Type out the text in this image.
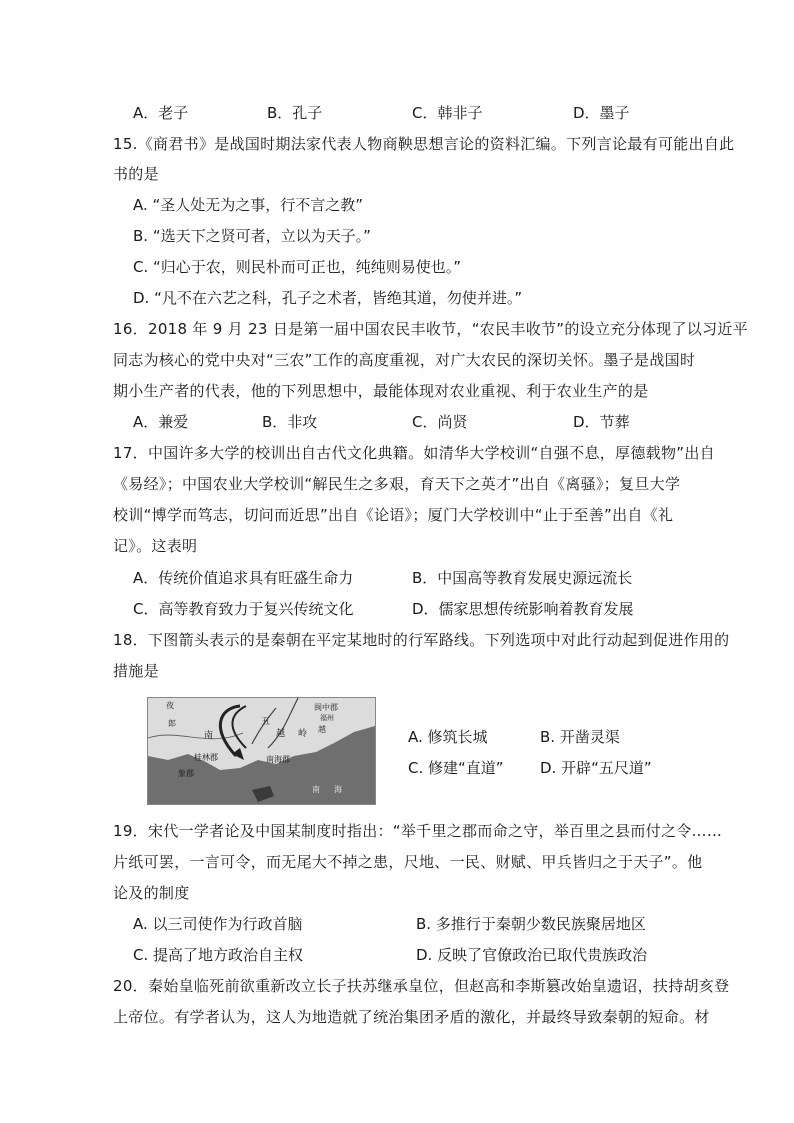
A．老子	B．孔子	C．韩非子	D．墨子
15.《商君书》是战国时期法家代表人物商鞅思想言论的资料汇编。下列言论最有可能出自此
书的是
A. “圣人处无为之事，行不言之教”
B. “选天下之贤可者，立以为天子。”
C. “归心于农，则民朴而可正也，纯纯则易使也。”
D. “凡不在六艺之科，孔子之术者，皆绝其道，勿使并进。”
16．2018 年 9 月 23 日是第一届中国农民丰收节，“农民丰收节”的设立充分体现了以习近平
同志为核心的党中央对“三农”工作的高度重视，对广大农民的深切关怀。墨子是战国时
期小生产者的代表，他的下列思想中，最能体现对农业重视、利于农业生产的是
A．兼爱	B．非攻	C．尚贤	D．节葬
17．中国许多大学的校训出自古代文化典籍。如清华大学校训“自强不息，厚德载物”出自
《易经》；中国农业大学校训“解民生之多艰，育天下之英才”出自《离骚》；复旦大学
校训“博学而笃志，切问而近思”出自《论语》；厦门大学校训中“止于至善”出自《礼
记》。这表明
A．传统价值追求具有旺盛生命力	B．中国高等教育发展史源远流长
C．高等教育致力于复兴传统文化	D．儒家思想传统影响着教育发展
18．下图箭头表示的是秦朝在平定某地时的行军路线。下列选项中对此行动起到促进作用的
措施是
夜
郎
南
五
越 岭
闽中郡
福州
越
桂林郡	南海郡
象郡
南 海
A. 修筑长城	B. 开凿灵渠
C. 修建“直道” D. 开辟“五尺道”
19．宋代一学者论及中国某制度时指出：“举千里之郡而命之守，举百里之县而付之令……
片纸可罢，一言可令，而无尾大不掉之患，尺地、一民、财赋、甲兵皆归之于天子”。他
论及的制度
A. 以三司使作为行政首脑	B. 多推行于秦朝少数民族聚居地区
C. 提高了地方政治自主权	D. 反映了官僚政治已取代贵族政治
20．秦始皇临死前欲重新改立长子扶苏继承皇位，但赵高和李斯篡改始皇遗诏，扶持胡亥登
上帝位。有学者认为，这人为地造就了统治集团矛盾的激化，并最终导致秦朝的短命。材
